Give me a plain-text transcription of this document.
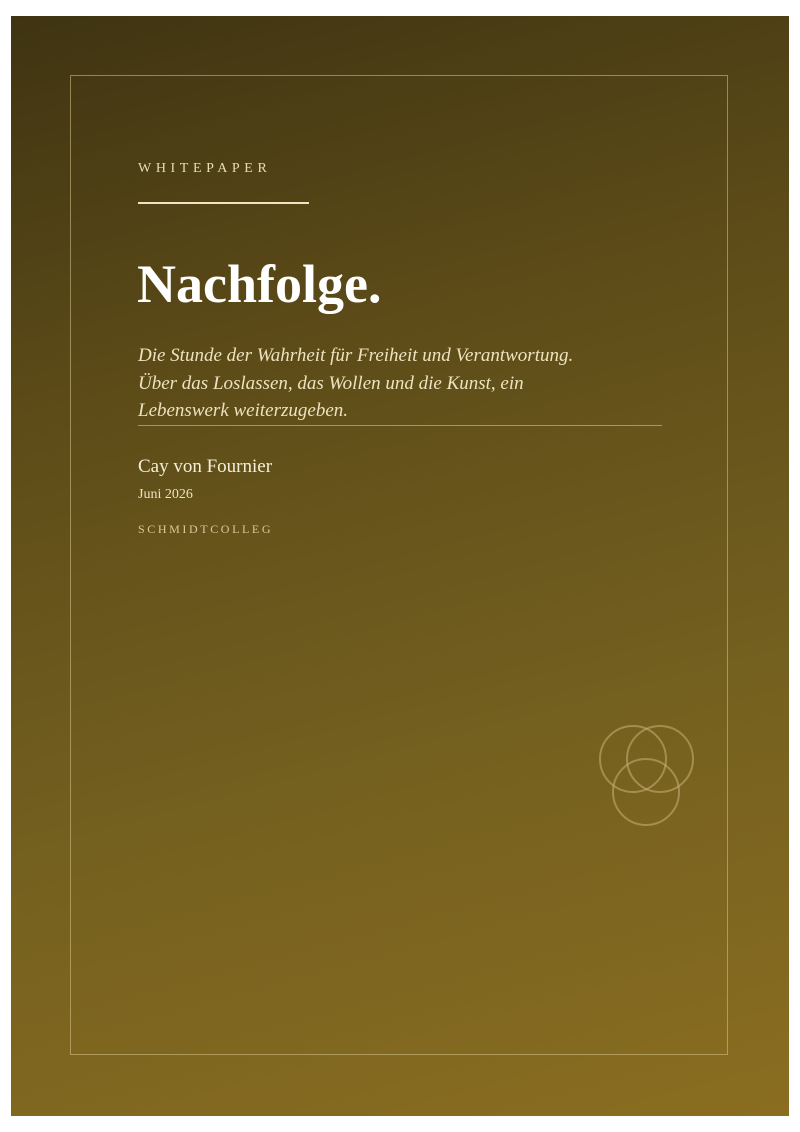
WHITEPAPER
Nachfolge.

Die Stunde der Wahrheit für Freiheit und Verantwortung.
Über das Loslassen, das Wollen und die Kunst, ein
Lebenswerk weiterzugeben.

Cay von Fournier
Juni 2026
SCHMIDTCOLLEG
